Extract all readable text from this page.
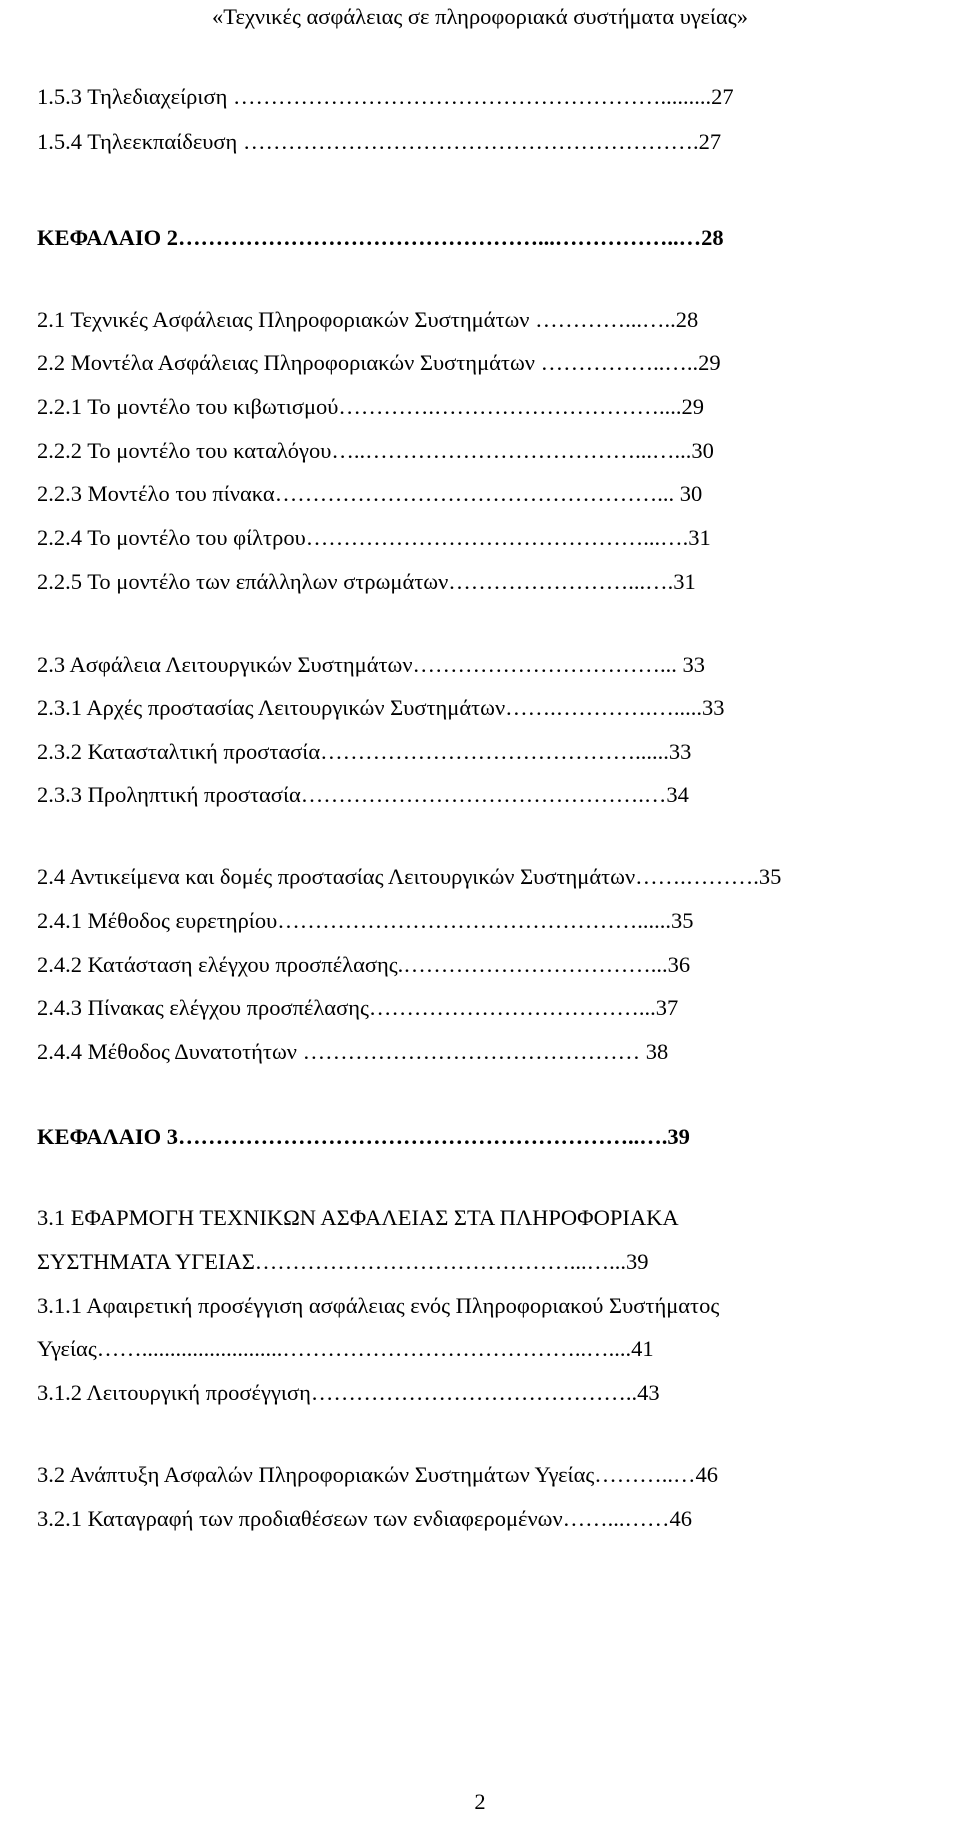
«Τεχνικές ασφάλειας σε πληροφοριακά συστήματα υγείας»
1.5.3 Τηλεδιαχείριση ………………………………………………….........27
1.5.4 Τηλεεκπαίδευση …………………………………………………….27
ΚΕΦΑΛΑΙΟ 2…………………………………………...……………..…28
2.1 Τεχνικές Ασφάλειας Πληροφοριακών Συστημάτων …………...…..28
2.2 Μοντέλα Ασφάλειας Πληροφοριακών Συστημάτων ……………..…..29
2.2.1 Το μοντέλο του κιβωτισμού………….…………………………....29
2.2.2 Το μοντέλο του καταλόγου…..………………………………...…...30
2.2.3 Μοντέλο του πίνακα……………………………………………... 30
2.2.4 Το μοντέλο του φίλτρου………………………………………...….31
2.2.5 Το μοντέλο των επάλληλων στρωμάτων……………………...….31
2.3 Ασφάλεια Λειτουργικών Συστημάτων……………………………... 33
2.3.1 Αρχές προστασίας Λειτουργικών Συστημάτων…….………….….....33
2.3.2 Κατασταλτική προστασία……………………………………......33
2.3.3 Προληπτική προστασία……………………………………….…34
2.4 Αντικείμενα και δομές προστασίας Λειτουργικών Συστημάτων…….……….35
2.4.1 Μέθοδος ευρετηρίου…………………………………………......35
2.4.2 Κατάσταση ελέγχου προσπέλασης.……………………………...36
2.4.3 Πίνακας ελέγχου προσπέλασης………………………………...37
2.4.4 Μέθοδος Δυνατοτήτων ……………………………………… 38
ΚΕΦΑΛΑΙΟ 3……………………………………………………..….39
3.1 ΕΦΑΡΜΟΓΗ ΤΕΧΝΙΚΩΝ ΑΣΦΑΛΕΙΑΣ ΣΤΑ ΠΛΗΡΟΦΟΡΙΑΚΑ
ΣΥΣΤΗΜΑΤΑ ΥΓΕΙΑΣ……………………………………...…...39
3.1.1 Αφαιρετική προσέγγιση ασφάλειας ενός Πληροφοριακού Συστήματος
Υγείας…….........................…………………………………..…....41
3.1.2 Λειτουργική προσέγγιση……………………………………..43
3.2 Ανάπτυξη Ασφαλών Πληροφοριακών Συστημάτων Υγείας………..…46
3.2.1 Καταγραφή των προδιαθέσεων των ενδιαφερομένων……...……46
2
